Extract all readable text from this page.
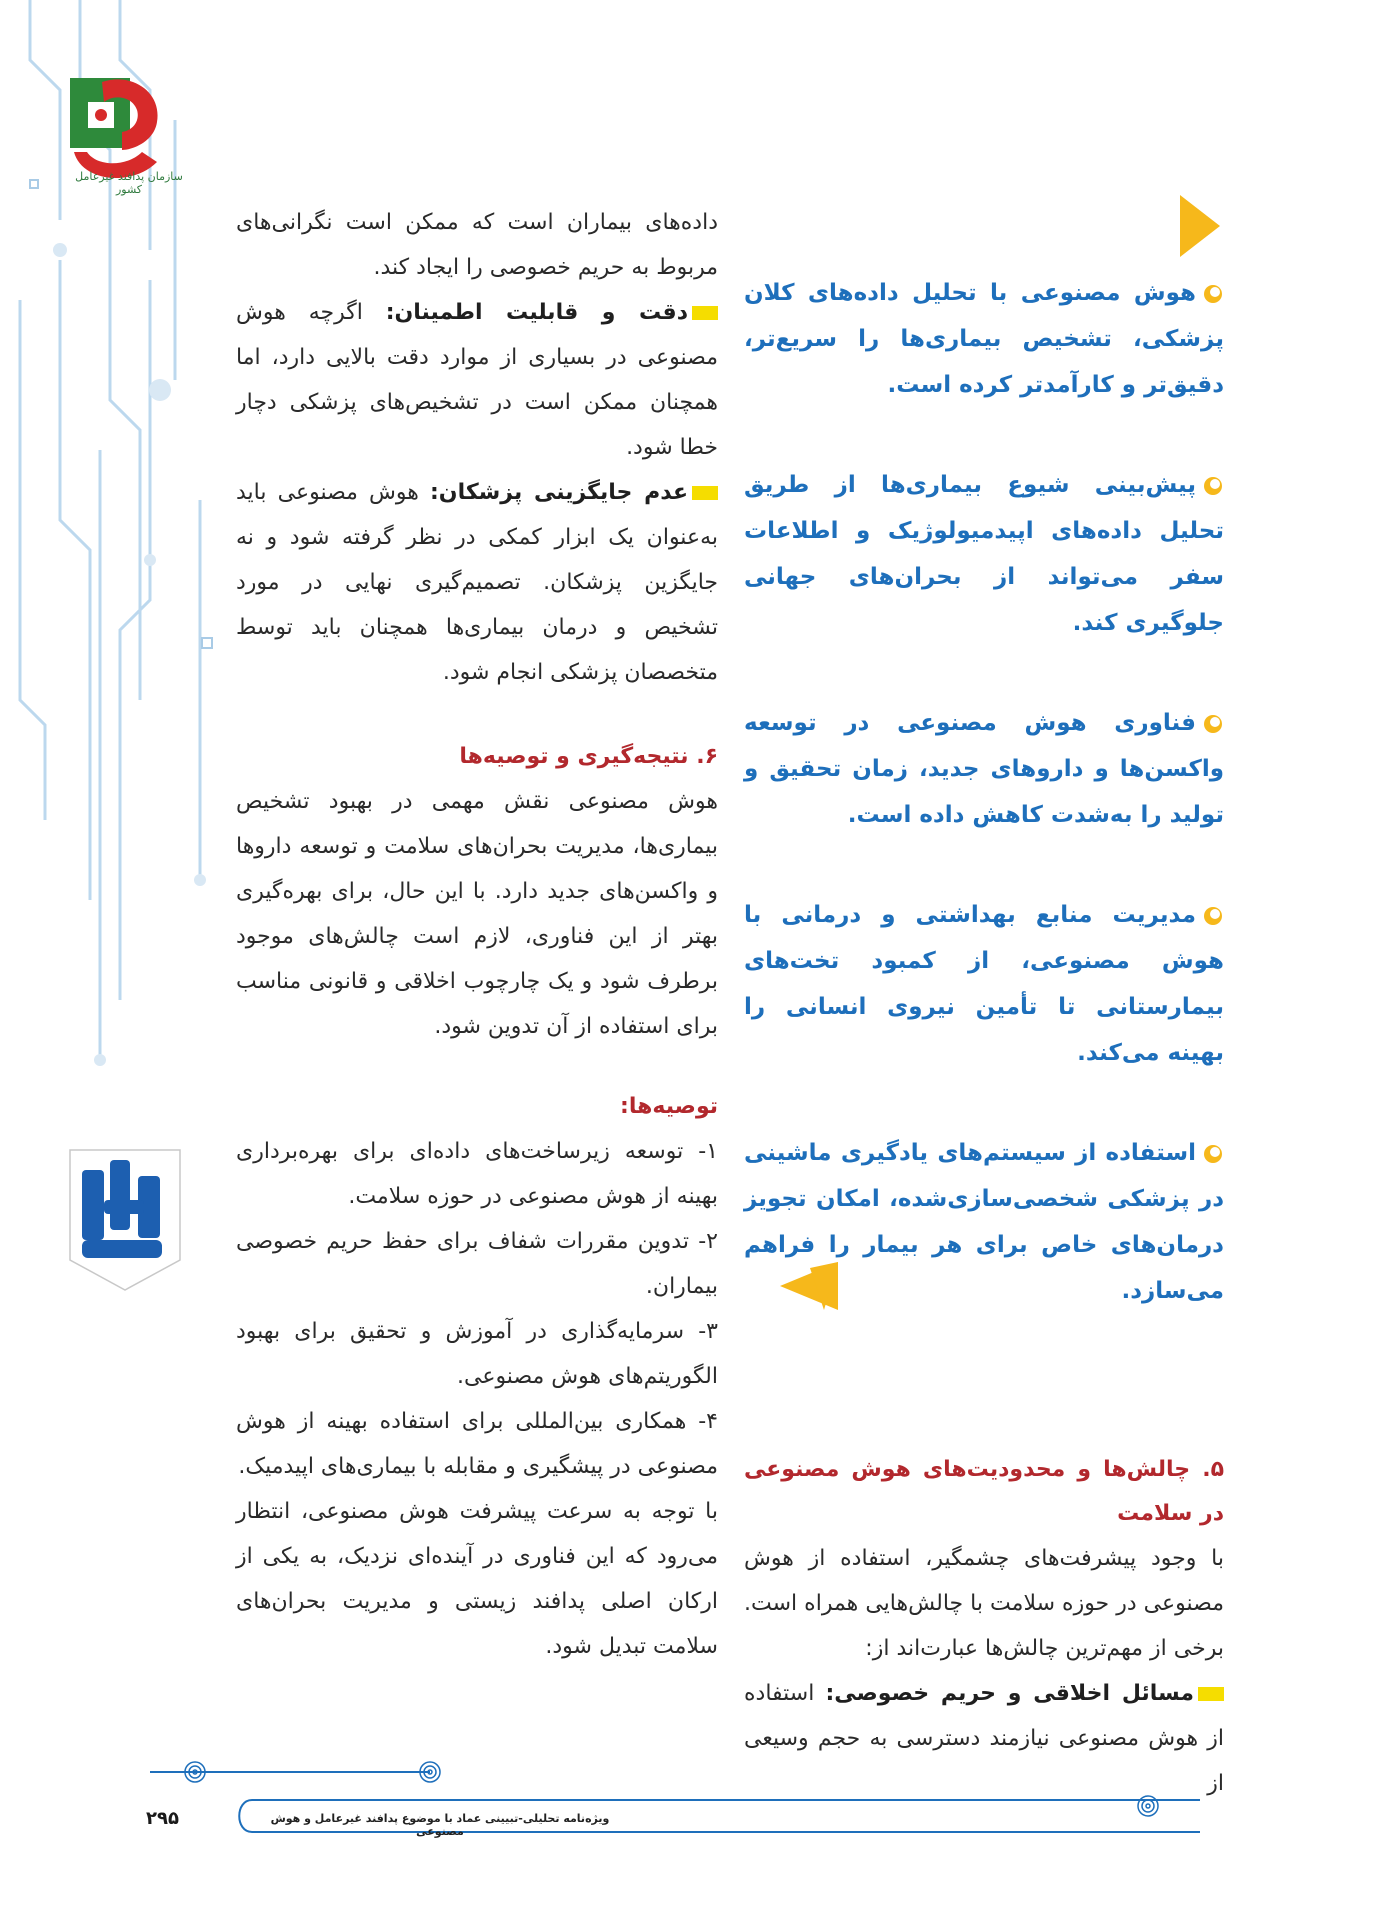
سازمان پدافند غیرعامل کشور

داده‌های بیماران است که ممکن است نگرانی‌های مربوط به حریم خصوصی را ایجاد کند.

دقت و قابلیت اطمینان: اگرچه هوش مصنوعی در بسیاری از موارد دقت بالایی دارد، اما همچنان ممکن است در تشخیص‌های پزشکی دچار خطا شود.

عدم جایگزینی پزشکان: هوش مصنوعی باید به‌عنوان یک ابزار کمکی در نظر گرفته شود و نه جایگزین پزشکان. تصمیم‌گیری نهایی در مورد تشخیص و درمان بیماری‌ها همچنان باید توسط متخصصان پزشکی انجام شود.

۶. نتیجه‌گیری و توصیه‌ها

هوش مصنوعی نقش مهمی در بهبود تشخیص بیماری‌ها، مدیریت بحران‌های سلامت و توسعه داروها و واکسن‌های جدید دارد. با این حال، برای بهره‌گیری بهتر از این فناوری، لازم است چالش‌های موجود برطرف شود و یک چارچوب اخلاقی و قانونی مناسب برای استفاده از آن تدوین شود.

توصیه‌ها:

۱- توسعه زیرساخت‌های داده‌ای برای بهره‌برداری بهینه از هوش مصنوعی در حوزه سلامت.

۲- تدوین مقررات شفاف برای حفظ حریم خصوصی بیماران.

۳- سرمایه‌گذاری در آموزش و تحقیق برای بهبود الگوریتم‌های هوش مصنوعی.

۴- همکاری بین‌المللی برای استفاده بهینه از هوش مصنوعی در پیشگیری و مقابله با بیماری‌های اپیدمیک.

با توجه به سرعت پیشرفت هوش مصنوعی، انتظار می‌رود که این فناوری در آینده‌ای نزدیک، به یکی از ارکان اصلی پدافند زیستی و مدیریت بحران‌های سلامت تبدیل شود.

هوش مصنوعی با تحلیل داده‌های کلان پزشکی، تشخیص بیماری‌ها را سریع‌تر، دقیق‌تر و کارآمدتر کرده است.

پیش‌بینی شیوع بیماری‌ها از طریق تحلیل داده‌های اپیدمیولوژیک و اطلاعات سفر می‌تواند از بحران‌های جهانی جلوگیری کند.

فناوری هوش مصنوعی در توسعه واکسن‌ها و داروهای جدید، زمان تحقیق و تولید را به‌شدت کاهش داده است.

مدیریت منابع بهداشتی و درمانی با هوش مصنوعی، از کمبود تخت‌های بیمارستانی تا تأمین نیروی انسانی را بهینه می‌کند.

استفاده از سیستم‌های یادگیری ماشینی در پزشکی شخصی‌سازی‌شده، امکان تجویز درمان‌های خاص برای هر بیمار را فراهم می‌سازد.

۵. چالش‌ها و محدودیت‌های هوش مصنوعی در سلامت

با وجود پیشرفت‌های چشمگیر، استفاده از هوش مصنوعی در حوزه سلامت با چالش‌هایی همراه است. برخی از مهم‌ترین چالش‌ها عبارت‌اند از:

مسائل اخلاقی و حریم خصوصی: استفاده از هوش مصنوعی نیازمند دسترسی به حجم وسیعی از

۲۹۵	ویژه‌نامه تحلیلی-تبیینی عماد با موضوع پدافند غیرعامل و هوش مصنوعی
